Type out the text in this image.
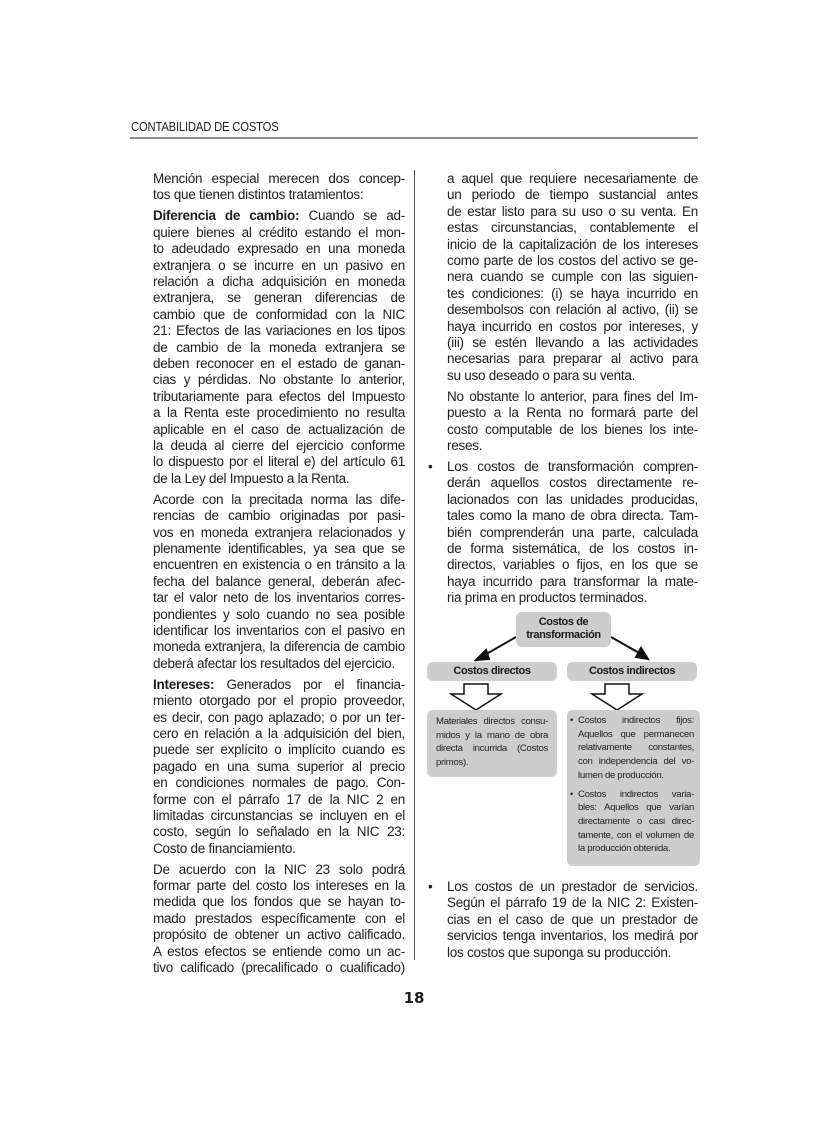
CONTABILIDAD DE COSTOS
Mención especial merecen dos concep-
tos que tienen distintos tratamientos:
Diferencia de cambio: Cuando se ad-
quiere bienes al crédito estando el mon-
to adeudado expresado en una moneda
extranjera o se incurre en un pasivo en
relación a dicha adquisición en moneda
extranjera, se generan diferencias de
cambio que de conformidad con la NIC
21: Efectos de las variaciones en los tipos
de cambio de la moneda extranjera se
deben reconocer en el estado de ganan-
cias y pérdidas. No obstante lo anterior,
tributariamente para efectos del Impuesto
a la Renta este procedimiento no resulta
aplicable en el caso de actualización de
la deuda al cierre del ejercicio conforme
lo dispuesto por el literal e) del artículo 61
de la Ley del Impuesto a la Renta.
Acorde con la precitada norma las dife-
rencias de cambio originadas por pasi-
vos en moneda extranjera relacionados y
plenamente identificables, ya sea que se
encuentren en existencia o en tránsito a la
fecha del balance general, deberán afec-
tar el valor neto de los inventarios corres-
pondientes y solo cuando no sea posible
identificar los inventarios con el pasivo en
moneda extranjera, la diferencia de cambio
deberá afectar los resultados del ejercicio.
Intereses: Generados por el financia-
miento otorgado por el propio proveedor,
es decir, con pago aplazado; o por un ter-
cero en relación a la adquisición del bien,
puede ser explícito o implícito cuando es
pagado en una suma superior al precio
en condiciones normales de pago. Con-
forme con el párrafo 17 de la NIC 2 en
limitadas circunstancias se incluyen en el
costo, según lo señalado en la NIC 23:
Costo de financiamiento.
De acuerdo con la NIC 23 solo podrá
formar parte del costo los intereses en la
medida que los fondos que se hayan to-
mado prestados específicamente con el
propósito de obtener un activo calificado.
A estos efectos se entiende como un ac-
tivo calificado (precalificado o cualificado)
a aquel que requiere necesariamente de
un periodo de tiempo sustancial antes
de estar listo para su uso o su venta. En
estas circunstancias, contablemente el
inicio de la capitalización de los intereses
como parte de los costos del activo se ge-
nera cuando se cumple con las siguien-
tes condiciones: (i) se haya incurrido en
desembolsos con relación al activo, (ii) se
haya incurrido en costos por intereses, y
(iii) se estén llevando a las actividades
necesarias para preparar al activo para
su uso deseado o para su venta.
No obstante lo anterior, para fines del Im-
puesto a la Renta no formará parte del
costo computable de los bienes los inte-
reses.
• Los costos de transformación compren-
derán aquellos costos directamente re-
lacionados con las unidades producidas,
tales como la mano de obra directa. Tam-
bién comprenderán una parte, calculada
de forma sistemática, de los costos in-
directos, variables o fijos, en los que se
haya incurrido para transformar la mate-
ria prima en productos terminados.
Costos de
transformación
Costos directos	Costos indirectos
Materiales directos consu-
midos y la mano de obra
directa incurrida (Costos
primos).
• Costos indirectos fijos:
Aquellos que permanecen
relativamente constantes,
con independencia del vo-
lumen de producción.
• Costos indirectos varia-
bles: Aquellos que varían
directamente o casi direc-
tamente, con el volumen de
la producción obtenida.
• Los costos de un prestador de servicios.
Según el párrafo 19 de la NIC 2: Existen-
cias en el caso de que un prestador de
servicios tenga inventarios, los medirá por
los costos que suponga su producción.
18
